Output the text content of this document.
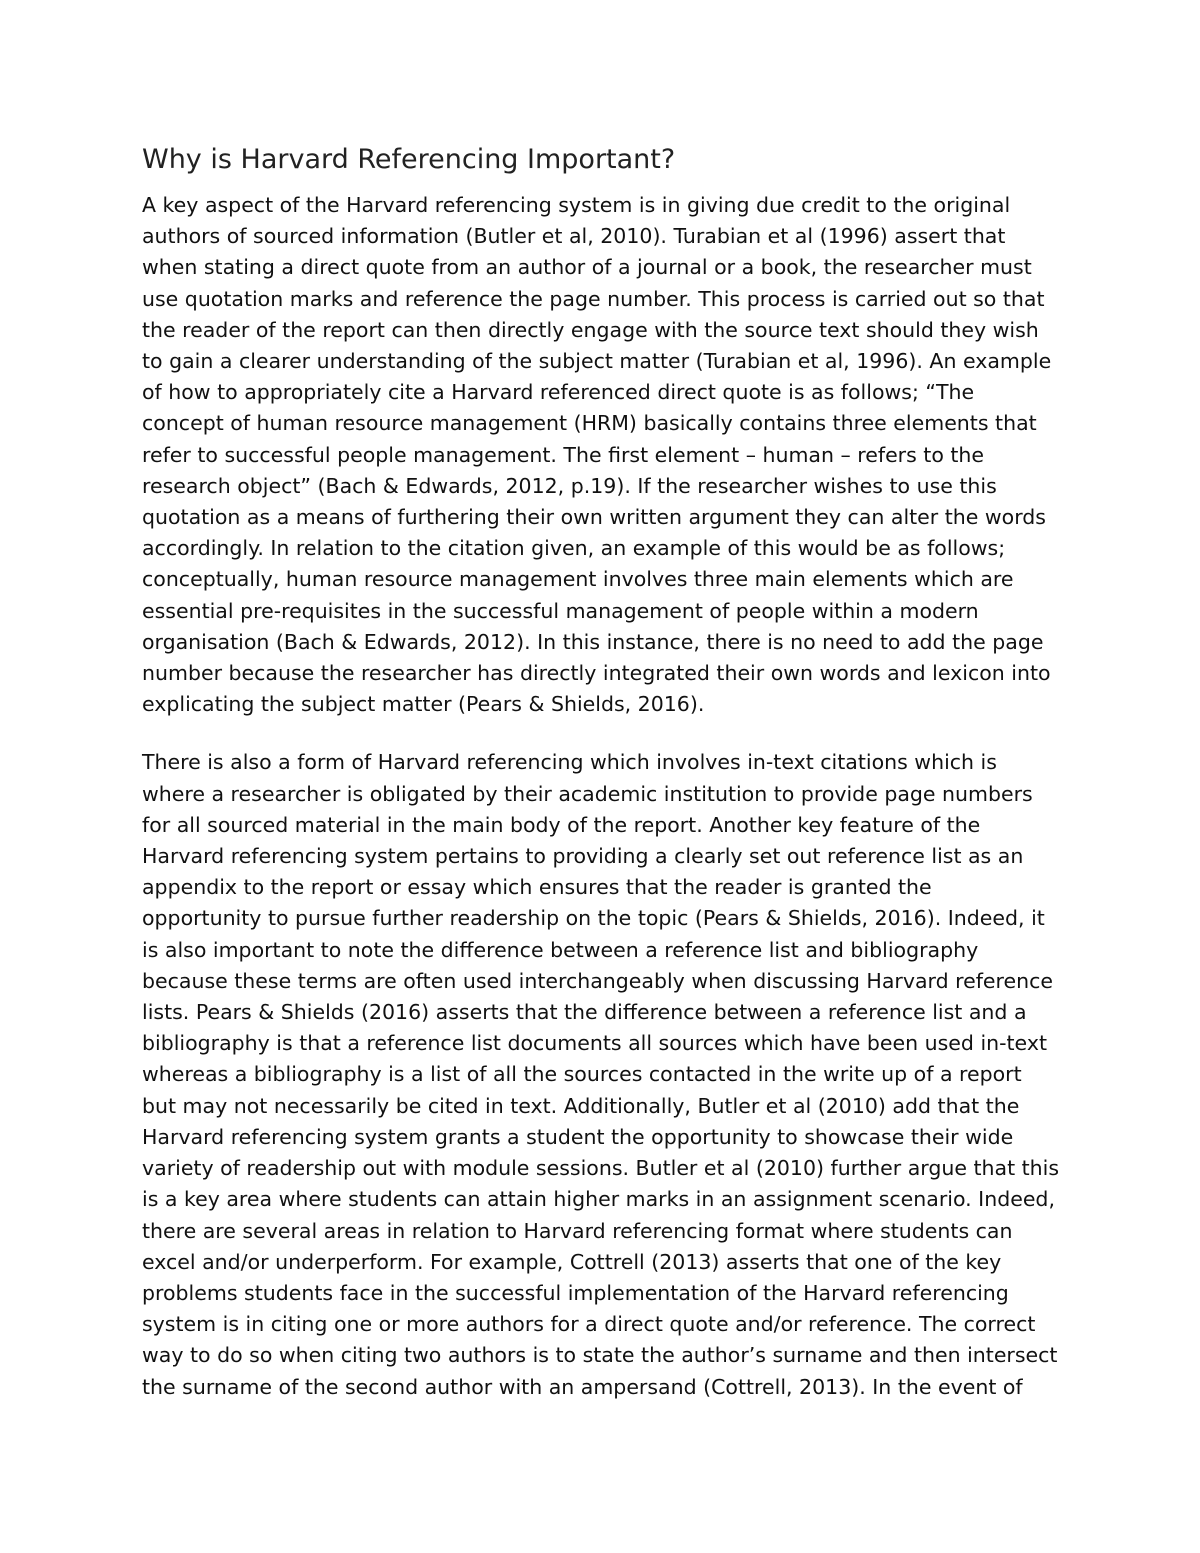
Why is Harvard Referencing Important?

A key aspect of the Harvard referencing system is in giving due credit to the original
authors of sourced information (Butler et al, 2010). Turabian et al (1996) assert that
when stating a direct quote from an author of a journal or a book, the researcher must
use quotation marks and reference the page number. This process is carried out so that
the reader of the report can then directly engage with the source text should they wish
to gain a clearer understanding of the subject matter (Turabian et al, 1996). An example
of how to appropriately cite a Harvard referenced direct quote is as follows; “The
concept of human resource management (HRM) basically contains three elements that
refer to successful people management. The first element – human – refers to the
research object” (Bach & Edwards, 2012, p.19). If the researcher wishes to use this
quotation as a means of furthering their own written argument they can alter the words
accordingly. In relation to the citation given, an example of this would be as follows;
conceptually, human resource management involves three main elements which are
essential pre-requisites in the successful management of people within a modern
organisation (Bach & Edwards, 2012). In this instance, there is no need to add the page
number because the researcher has directly integrated their own words and lexicon into
explicating the subject matter (Pears & Shields, 2016).

There is also a form of Harvard referencing which involves in-text citations which is
where a researcher is obligated by their academic institution to provide page numbers
for all sourced material in the main body of the report. Another key feature of the
Harvard referencing system pertains to providing a clearly set out reference list as an
appendix to the report or essay which ensures that the reader is granted the
opportunity to pursue further readership on the topic (Pears & Shields, 2016). Indeed, it
is also important to note the difference between a reference list and bibliography
because these terms are often used interchangeably when discussing Harvard reference
lists. Pears & Shields (2016) asserts that the difference between a reference list and a
bibliography is that a reference list documents all sources which have been used in-text
whereas a bibliography is a list of all the sources contacted in the write up of a report
but may not necessarily be cited in text. Additionally, Butler et al (2010) add that the
Harvard referencing system grants a student the opportunity to showcase their wide
variety of readership out with module sessions. Butler et al (2010) further argue that this
is a key area where students can attain higher marks in an assignment scenario. Indeed,
there are several areas in relation to Harvard referencing format where students can
excel and/or underperform. For example, Cottrell (2013) asserts that one of the key
problems students face in the successful implementation of the Harvard referencing
system is in citing one or more authors for a direct quote and/or reference. The correct
way to do so when citing two authors is to state the author’s surname and then intersect
the surname of the second author with an ampersand (Cottrell, 2013). In the event of
